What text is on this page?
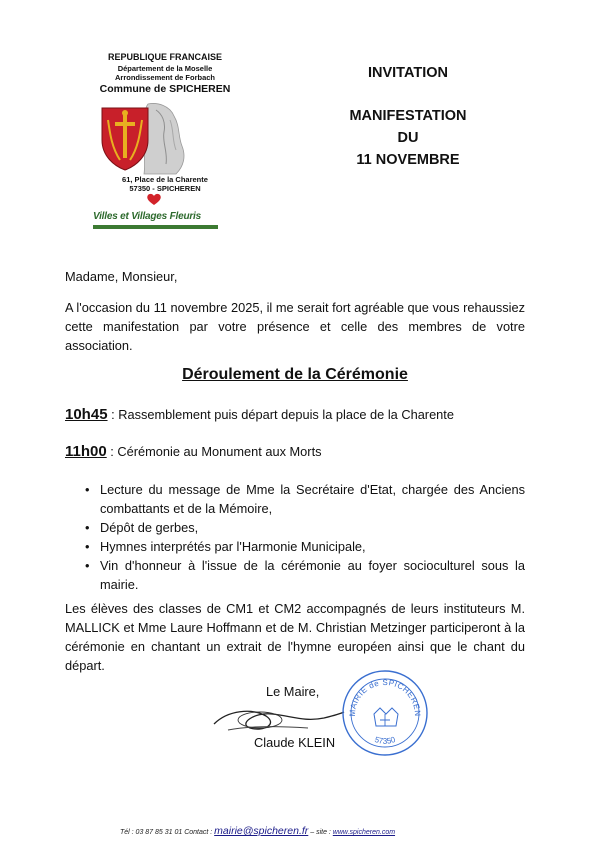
REPUBLIQUE FRANCAISE
Département de la Moselle
Arrondissement de Forbach
Commune de SPICHEREN
61, Place de la Charente
57350 - SPICHEREN
Villes et Villages Fleuris
INVITATION
MANIFESTATION
DU
11 NOVEMBRE
Madame, Monsieur,
A l'occasion du 11 novembre 2025, il me serait fort agréable que vous rehaussiez cette manifestation par votre présence et celle des membres de votre association.
Déroulement de la Cérémonie
10h45 : Rassemblement puis départ depuis la place de la Charente
11h00 : Cérémonie au Monument aux Morts
• Lecture du message de Mme la Secrétaire d'Etat, chargée des Anciens combattants et de la Mémoire,
• Dépôt de gerbes,
• Hymnes interprétés par l'Harmonie Municipale,
• Vin d'honneur à l'issue de la cérémonie au foyer socioculturel sous la mairie.
Les élèves des classes de CM1 et CM2 accompagnés de leurs instituteurs M. MALLICK et Mme Laure Hoffmann et de M. Christian Metzinger participeront à la cérémonie en chantant un extrait de l'hymne européen ainsi que le chant du départ.
Le Maire,
Claude KLEIN
MAIRIE de SPICHEREN
57350
Tél : 03 87 85 31 01 Contact : mairie@spicheren.fr – site : www.spicheren.com
